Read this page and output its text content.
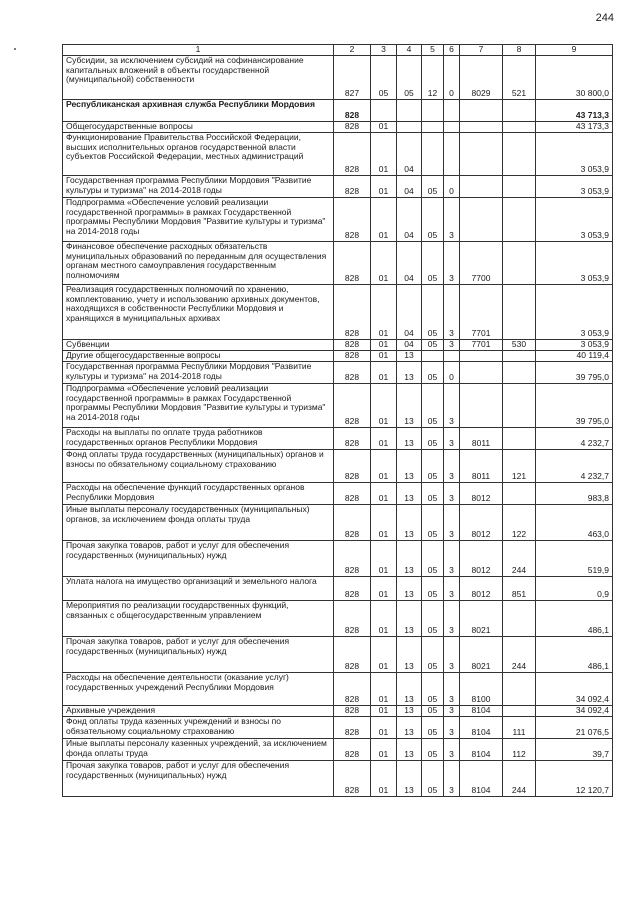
244
1	2	3	4	5	6	7	8	9
Субсидии, за исключением субсидий на софинансирование капитальных вложений в объекты государственной (муниципальной) собственности	827	05	05	12	0	8029	521	30 800,0
Республиканская архивная служба Республики Мордовия	828							43 713,3
Общегосударственные вопросы	828	01						43 173,3
Функционирование Правительства Российской Федерации, высших исполнительных органов государственной власти субъектов Российской Федерации, местных администраций	828	01	04					3 053,9
Государственная программа Республики Мордовия "Развитие культуры и туризма" на 2014-2018 годы	828	01	04	05	0			3 053,9
Подпрограмма «Обеспечение условий реализации государственной программы» в рамках Государственной программы Республики Мордовия "Развитие культуры и туризма" на 2014-2018 годы	828	01	04	05	3			3 053,9
Финансовое обеспечение расходных обязательств муниципальных образований по переданным для осуществления органам местного самоуправления государственным полномочиям	828	01	04	05	3	7700		3 053,9
Реализация государственных полномочий по хранению, комплектованию, учету и использованию архивных документов, находящихся в собственности Республики Мордовия и хранящихся в муниципальных архивах	828	01	04	05	3	7701		3 053,9
Субвенции	828	01	04	05	3	7701	530	3 053,9
Другие общегосударственные вопросы	828	01	13					40 119,4
Государственная программа Республики Мордовия "Развитие культуры и туризма" на 2014-2018 годы	828	01	13	05	0			39 795,0
Подпрограмма «Обеспечение условий реализации государственной программы» в рамках Государственной программы Республики Мордовия "Развитие культуры и туризма" на 2014-2018 годы	828	01	13	05	3			39 795,0
Расходы на выплаты по оплате труда работников государственных органов Республики Мордовия	828	01	13	05	3	8011		4 232,7
Фонд оплаты труда государственных (муниципальных) органов и взносы по обязательному социальному страхованию	828	01	13	05	3	8011	121	4 232,7
Расходы на обеспечение функций государственных органов Республики Мордовия	828	01	13	05	3	8012		983,8
Иные выплаты персоналу государственных (муниципальных) органов, за исключением фонда оплаты труда	828	01	13	05	3	8012	122	463,0
Прочая закупка товаров, работ и услуг для обеспечения государственных (муниципальных) нужд	828	01	13	05	3	8012	244	519,9
Уплата налога на имущество организаций и земельного налога	828	01	13	05	3	8012	851	0,9
Мероприятия по реализации государственных функций, связанных с общегосударственным управлением	828	01	13	05	3	8021		486,1
Прочая закупка товаров, работ и услуг для обеспечения государственных (муниципальных) нужд	828	01	13	05	3	8021	244	486,1
Расходы на обеспечение деятельности (оказание услуг) государственных учреждений Республики Мордовия	828	01	13	05	3	8100		34 092,4
Архивные учреждения	828	01	13	05	3	8104		34 092,4
Фонд оплаты труда казенных учреждений и взносы по обязательному социальному страхованию	828	01	13	05	3	8104	111	21 076,5
Иные выплаты персоналу казенных учреждений, за исключением фонда оплаты труда	828	01	13	05	3	8104	112	39,7
Прочая закупка товаров, работ и услуг для обеспечения государственных (муниципальных) нужд	828	01	13	05	3	8104	244	12 120,7
